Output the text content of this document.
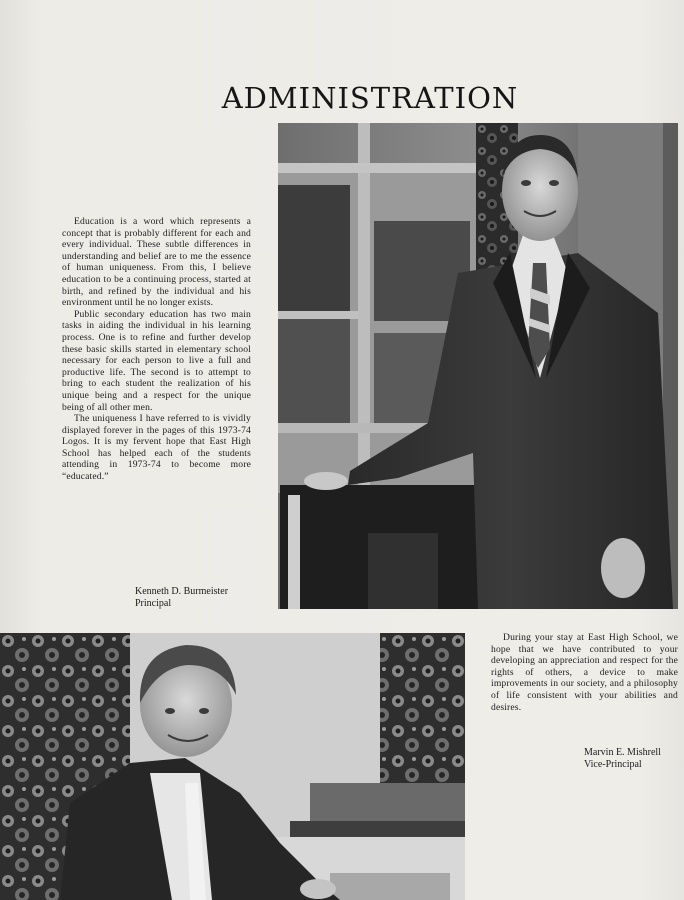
ADMINISTRATION

Education is a word which represents a concept that is probably different for each and every individual. These subtle differences in understanding and belief are to me the essence of human uniqueness. From this, I believe education to be a continuing process, started at birth, and refined by the individual and his environment until he no longer exists.

Public secondary education has two main tasks in aiding the individual in his learning process. One is to refine and further develop these basic skills started in elementary school necessary for each person to live a full and productive life. The second is to attempt to bring to each student the realization of his unique being and a respect for the unique being of all other men.

The uniqueness I have referred to is vividly displayed forever in the pages of this 1973-74 Logos. It is my fervent hope that East High School has helped each of the students attending in 1973-74 to become more “educated.”

Kenneth D. Burmeister
Principal

During your stay at East High School, we hope that we have contributed to your developing an appreciation and respect for the rights of others, a device to make improvements in our society, and a philosophy of life consistent with your abilities and desires.

Marvin E. Mishrell
Vice-Principal
